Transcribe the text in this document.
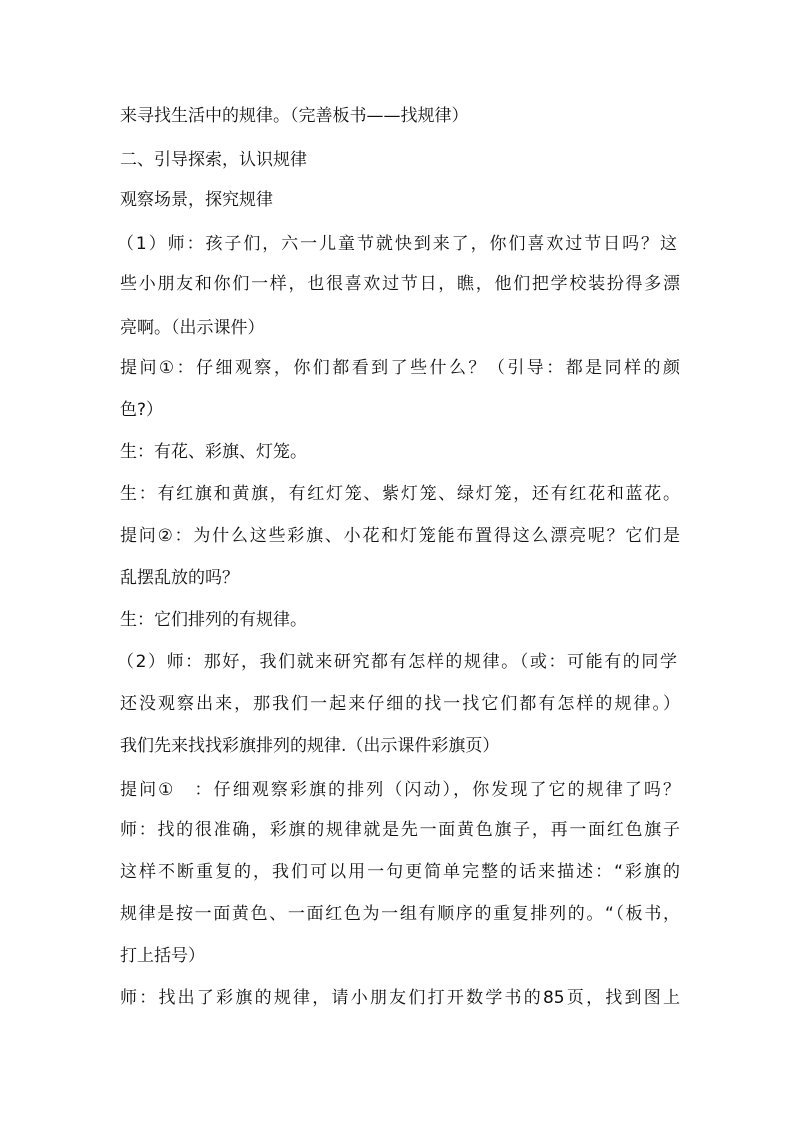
来寻找生活中的规律。（完善板书——找规律）
二、引导探索，认识规律
观察场景，探究规律
（1）师：孩子们，六一儿童节就快到来了，你们喜欢过节日吗？这
些小朋友和你们一样，也很喜欢过节日，瞧，他们把学校装扮得多漂
亮啊。（出示课件）
提问①：仔细观察，你们都看到了些什么？（引导：都是同样的颜
色?）
生：有花、彩旗、灯笼。
生：有红旗和黄旗，有红灯笼、紫灯笼、绿灯笼，还有红花和蓝花。
提问②：为什么这些彩旗、小花和灯笼能布置得这么漂亮呢？它们是
乱摆乱放的吗？
生：它们排列的有规律。
（2）师：那好，我们就来研究都有怎样的规律。（或：可能有的同学
还没观察出来，那我们一起来仔细的找一找它们都有怎样的规律。）
我们先来找找彩旗排列的规律.（出示课件彩旗页）
提问①　：仔细观察彩旗的排列（闪动），你发现了它的规律了吗？
师：找的很准确，彩旗的规律就是先一面黄色旗子，再一面红色旗子
这样不断重复的，我们可以用一句更简单完整的话来描述：“彩旗的
规律是按一面黄色、一面红色为一组有顺序的重复排列的。“（板书，
打上括号）
师：找出了彩旗的规律，请小朋友们打开数学书的85页，找到图上
